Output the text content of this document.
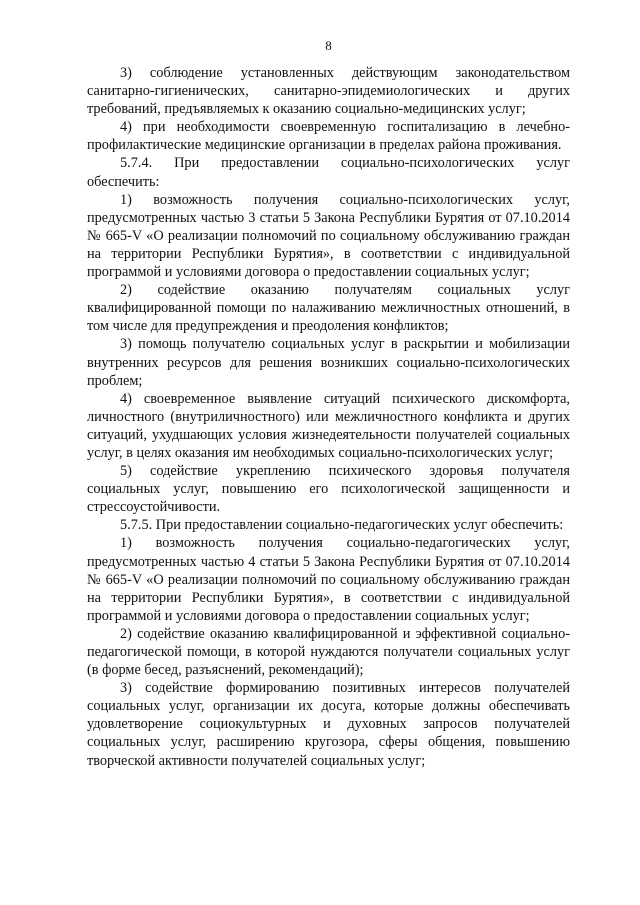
8

3) соблюдение установленных действующим законодательством санитарно-гигиенических, санитарно-эпидемиологических и других требований, предъявляемых к оказанию социально-медицинских услуг;

4) при необходимости своевременную госпитализацию в лечебно-профилактические медицинские организации в пределах района проживания.

5.7.4. При предоставлении социально-психологических услуг обеспечить:

1) возможность получения социально-психологических услуг, предусмотренных частью 3 статьи 5 Закона Республики Бурятия от 07.10.2014 № 665-V «О реализации полномочий по социальному обслуживанию граждан на территории Республики Бурятия», в соответствии с индивидуальной программой и условиями договора о предоставлении социальных услуг;

2) содействие оказанию получателям социальных услуг квалифицированной помощи по налаживанию межличностных отношений, в том числе для предупреждения и преодоления конфликтов;

3) помощь получателю социальных услуг в раскрытии и мобилизации внутренних ресурсов для решения возникших социально-психологических проблем;

4) своевременное выявление ситуаций психического дискомфорта, личностного (внутриличностного) или межличностного конфликта и других ситуаций, ухудшающих условия жизнедеятельности получателей социальных услуг, в целях оказания им необходимых социально-психологических услуг;

5) содействие укреплению психического здоровья получателя социальных услуг, повышению его психологической защищенности и стрессоустойчивости.

5.7.5. При предоставлении социально-педагогических услуг обеспечить:

1) возможность получения социально-педагогических услуг, предусмотренных частью 4 статьи 5 Закона Республики Бурятия от 07.10.2014 № 665-V «О реализации полномочий по социальному обслуживанию граждан на территории Республики Бурятия», в соответствии с индивидуальной программой и условиями договора о предоставлении социальных услуг;

2) содействие оказанию квалифицированной и эффективной социально-педагогической помощи, в которой нуждаются получатели социальных услуг (в форме бесед, разъяснений, рекомендаций);

3) содействие формированию позитивных интересов получателей социальных услуг, организации их досуга, которые должны обеспечивать удовлетворение социокультурных и духовных запросов получателей социальных услуг, расширению кругозора, сферы общения, повышению творческой активности получателей социальных услуг;
